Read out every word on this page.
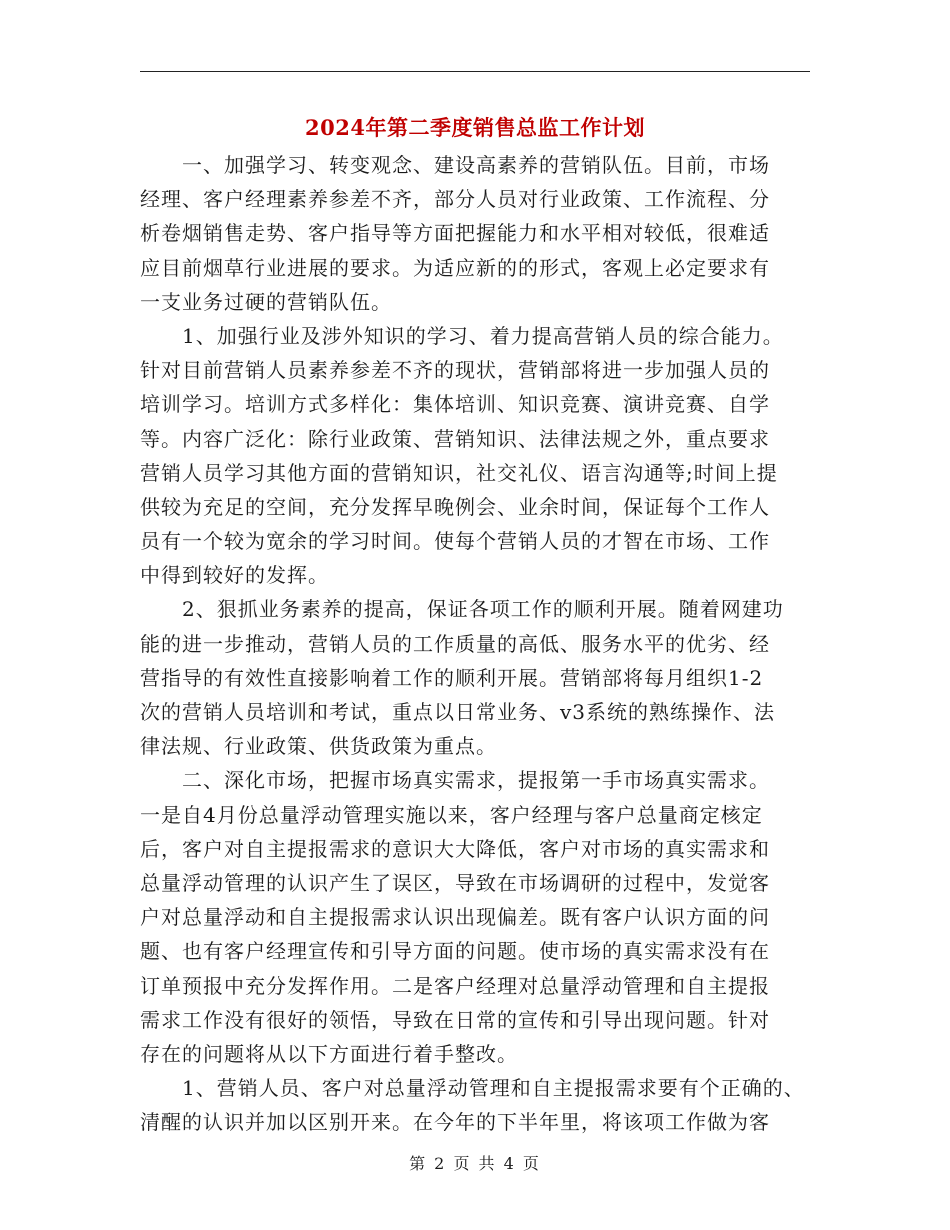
2024年第二季度销售总监工作计划
　　一、加强学习、转变观念、建设高素养的营销队伍。目前，市场
经理、客户经理素养参差不齐，部分人员对行业政策、工作流程、分
析卷烟销售走势、客户指导等方面把握能力和水平相对较低，很难适
应目前烟草行业进展的要求。为适应新的的形式，客观上必定要求有
一支业务过硬的营销队伍。
　　1、加强行业及涉外知识的学习、着力提高营销人员的综合能力。
针对目前营销人员素养参差不齐的现状，营销部将进一步加强人员的
培训学习。培训方式多样化：集体培训、知识竞赛、演讲竞赛、自学
等。内容广泛化：除行业政策、营销知识、法律法规之外，重点要求
营销人员学习其他方面的营销知识，社交礼仪、语言沟通等;时间上提
供较为充足的空间，充分发挥早晚例会、业余时间，保证每个工作人
员有一个较为宽余的学习时间。使每个营销人员的才智在市场、工作
中得到较好的发挥。
　　2、狠抓业务素养的提高，保证各项工作的顺利开展。随着网建功
能的进一步推动，营销人员的工作质量的高低、服务水平的优劣、经
营指导的有效性直接影响着工作的顺利开展。营销部将每月组织1-2
次的营销人员培训和考试，重点以日常业务、v3系统的熟练操作、法
律法规、行业政策、供货政策为重点。
　　二、深化市场，把握市场真实需求，提报第一手市场真实需求。
一是自4月份总量浮动管理实施以来，客户经理与客户总量商定核定
后，客户对自主提报需求的意识大大降低，客户对市场的真实需求和
总量浮动管理的认识产生了误区，导致在市场调研的过程中，发觉客
户对总量浮动和自主提报需求认识出现偏差。既有客户认识方面的问
题、也有客户经理宣传和引导方面的问题。使市场的真实需求没有在
订单预报中充分发挥作用。二是客户经理对总量浮动管理和自主提报
需求工作没有很好的领悟，导致在日常的宣传和引导出现问题。针对
存在的问题将从以下方面进行着手整改。
　　1、营销人员、客户对总量浮动管理和自主提报需求要有个正确的、
清醒的认识并加以区别开来。在今年的下半年里，将该项工作做为客
第 2 页 共 4 页
